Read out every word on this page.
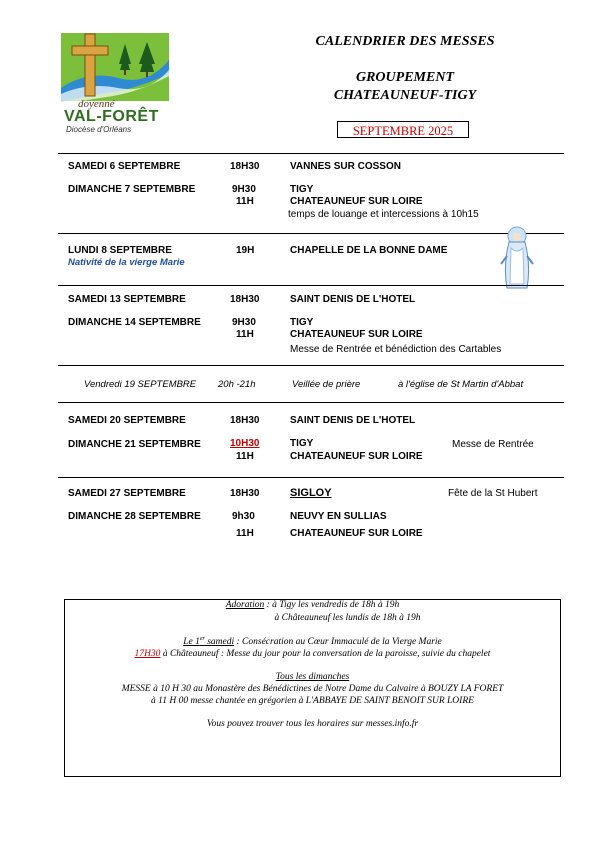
doyenné
VAL-FORÊT
Diocèse d'Orléans
CALENDRIER DES MESSES
GROUPEMENT
CHATEAUNEUF-TIGY
SEPTEMBRE 2025
SAMEDI 6 SEPTEMBRE	18H30	VANNES SUR COSSON
DIMANCHE 7 SEPTEMBRE	9H30	TIGY
11H	CHATEAUNEUF SUR LOIRE
temps de louange et intercessions à 10h15
LUNDI 8 SEPTEMBRE	19H	CHAPELLE DE LA BONNE DAME
Nativité de la vierge Marie
SAMEDI 13 SEPTEMBRE	18H30	SAINT DENIS DE L'HOTEL
DIMANCHE 14 SEPTEMBRE	9H30	TIGY
11H	CHATEAUNEUF SUR LOIRE
Messe de Rentrée et bénédiction des Cartables
Vendredi 19 SEPTEMBRE 20h -21h	Veillée de prière	à l'église de St Martin d'Abbat
SAMEDI 20 SEPTEMBRE	18H30	SAINT DENIS DE L'HOTEL
DIMANCHE 21 SEPTEMBRE	10H30	TIGY	Messe de Rentrée
11H	CHATEAUNEUF SUR LOIRE
SAMEDI 27 SEPTEMBRE	18H30	SIGLOY	Fête de la St Hubert
DIMANCHE 28 SEPTEMBRE	9h30	NEUVY EN SULLIAS
11H	CHATEAUNEUF SUR LOIRE
Adoration : à Tigy les vendredis de 18h à 19h
à Châteauneuf les lundis de 18h à 19h
Le 1er samedi : Consécration au Cœur Immaculé de la Vierge Marie
17H30 à Châteauneuf : Messe du jour pour la conversation de la paroisse, suivie du chapelet
Tous les dimanches
MESSE à 10 H 30 au Monastère des Bénédictines de Notre Dame du Calvaire à BOUZY LA FORET
à 11 H 00 messe chantée en grégorien à L'ABBAYE DE SAINT BENOIT SUR LOIRE
Vous pouvez trouver tous les horaires sur messes.info.fr
